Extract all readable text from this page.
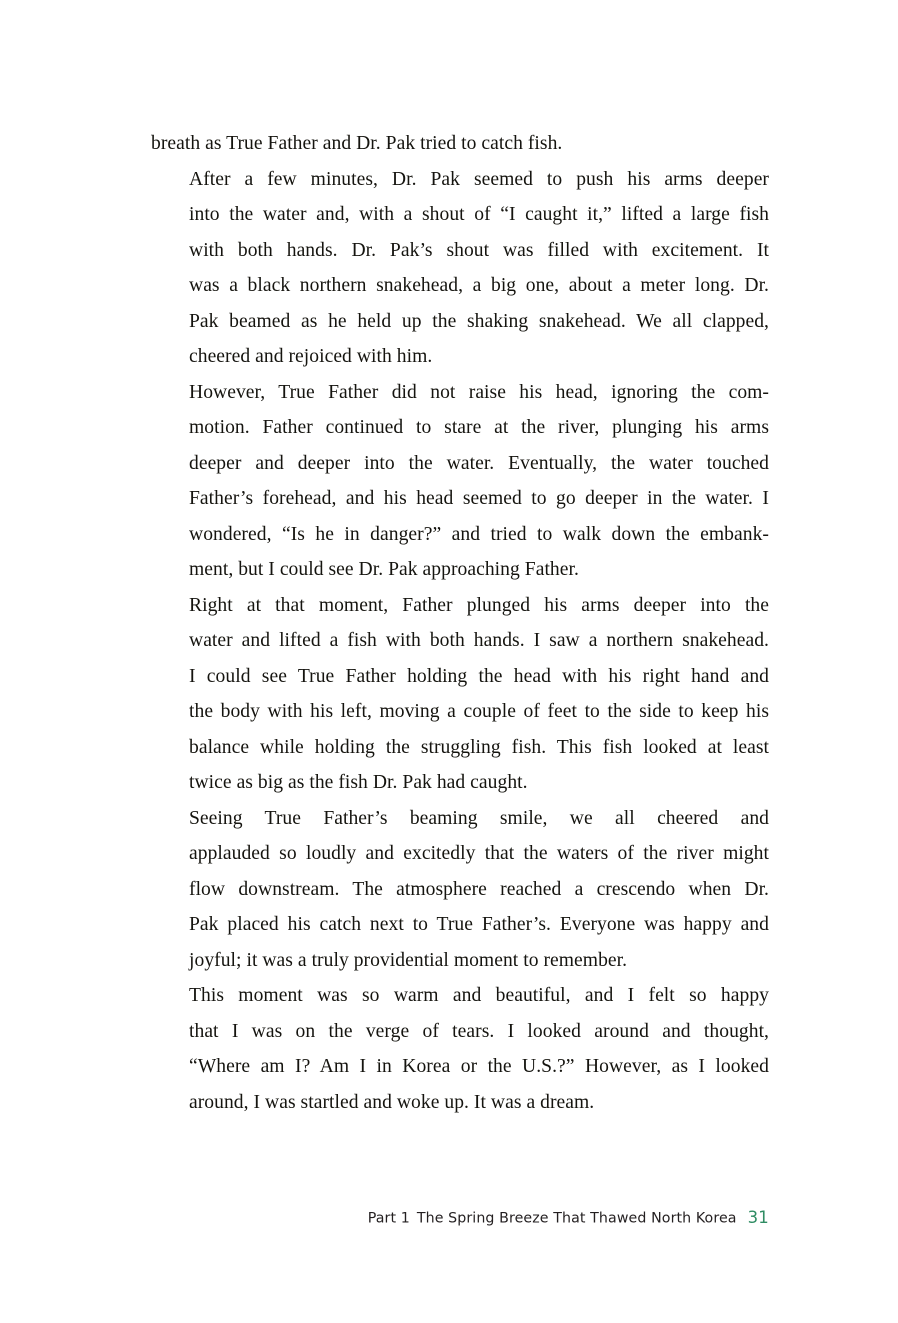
breath as True Father and Dr. Pak tried to catch fish.

After a few minutes, Dr. Pak seemed to push his arms deeper
into the water and, with a shout of “I caught it,” lifted a large fish
with both hands. Dr. Pak’s shout was filled with excitement. It
was a black northern snakehead, a big one, about a meter long. Dr.
Pak beamed as he held up the shaking snakehead. We all clapped,
cheered and rejoiced with him.

However, True Father did not raise his head, ignoring the com-
motion. Father continued to stare at the river, plunging his arms
deeper and deeper into the water. Eventually, the water touched
Father’s forehead, and his head seemed to go deeper in the water. I
wondered, “Is he in danger?” and tried to walk down the embank-
ment, but I could see Dr. Pak approaching Father.

Right at that moment, Father plunged his arms deeper into the
water and lifted a fish with both hands. I saw a northern snakehead.
I could see True Father holding the head with his right hand and
the body with his left, moving a couple of feet to the side to keep his
balance while holding the struggling fish. This fish looked at least
twice as big as the fish Dr. Pak had caught.

Seeing True Father’s beaming smile, we all cheered and
applauded so loudly and excitedly that the waters of the river might
flow downstream. The atmosphere reached a crescendo when Dr.
Pak placed his catch next to True Father’s. Everyone was happy and
joyful; it was a truly providential moment to remember.

This moment was so warm and beautiful, and I felt so happy
that I was on the verge of tears. I looked around and thought,
“Where am I? Am I in Korea or the U.S.?” However, as I looked
around, I was startled and woke up. It was a dream.

Part 1 The Spring Breeze That Thawed North Korea 31
